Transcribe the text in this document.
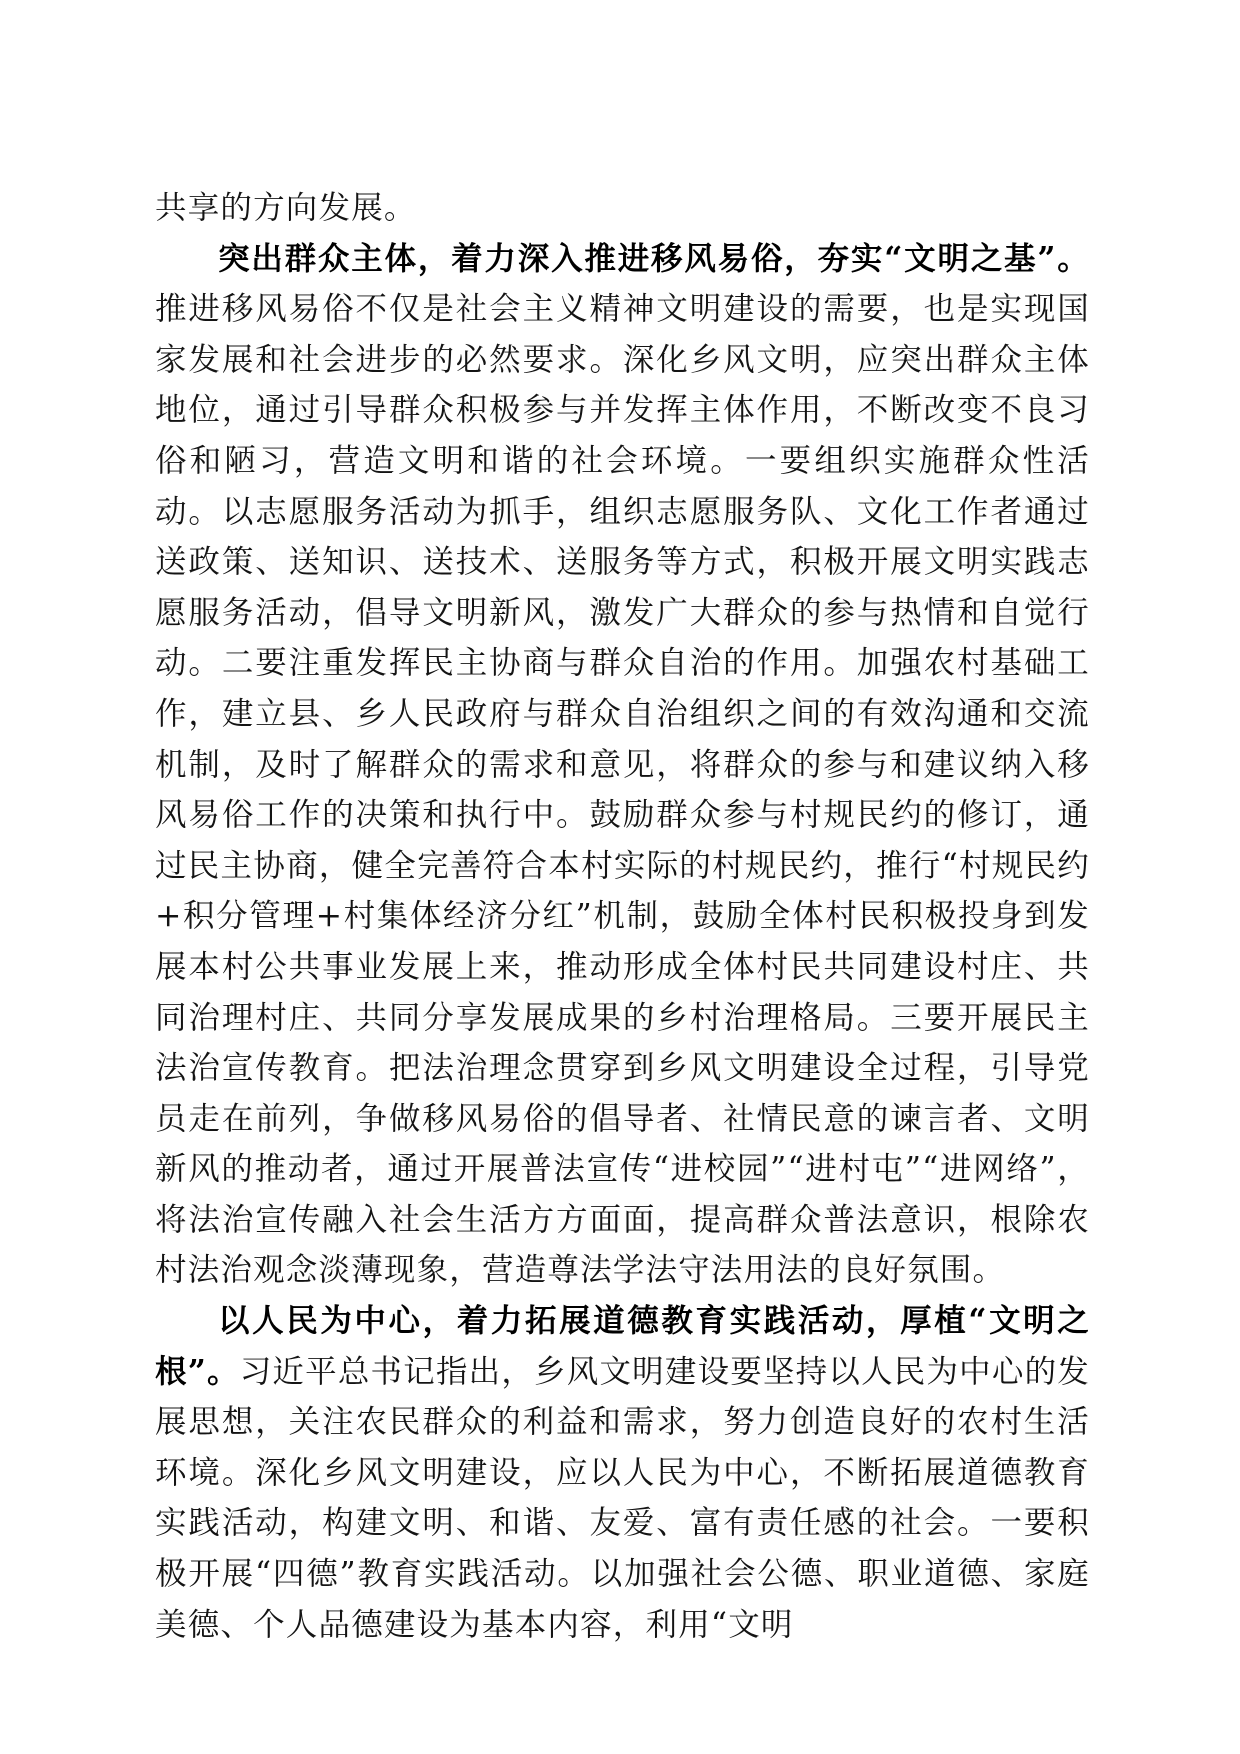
共享的方向发展。

突出群众主体，着力深入推进移风易俗，夯实“文明之基”。推进移风易俗不仅是社会主义精神文明建设的需要，也是实现国家发展和社会进步的必然要求。深化乡风文明，应突出群众主体地位，通过引导群众积极参与并发挥主体作用，不断改变不良习俗和陋习，营造文明和谐的社会环境。一要组织实施群众性活动。以志愿服务活动为抓手，组织志愿服务队、文化工作者通过送政策、送知识、送技术、送服务等方式，积极开展文明实践志愿服务活动，倡导文明新风，激发广大群众的参与热情和自觉行动。二要注重发挥民主协商与群众自治的作用。加强农村基础工作，建立县、乡人民政府与群众自治组织之间的有效沟通和交流机制，及时了解群众的需求和意见，将群众的参与和建议纳入移风易俗工作的决策和执行中。鼓励群众参与村规民约的修订，通过民主协商，健全完善符合本村实际的村规民约，推行“村规民约+积分管理+村集体经济分红”机制，鼓励全体村民积极投身到发展本村公共事业发展上来，推动形成全体村民共同建设村庄、共同治理村庄、共同分享发展成果的乡村治理格局。三要开展民主法治宣传教育。把法治理念贯穿到乡风文明建设全过程，引导党员走在前列，争做移风易俗的倡导者、社情民意的谏言者、文明新风的推动者，通过开展普法宣传“进校园”“进村屯”“进网络”，将法治宣传融入社会生活方方面面，提高群众普法意识，根除农村法治观念淡薄现象，营造尊法学法守法用法的良好氛围。

以人民为中心，着力拓展道德教育实践活动，厚植“文明之根”。习近平总书记指出，乡风文明建设要坚持以人民为中心的发展思想，关注农民群众的利益和需求，努力创造良好的农村生活环境。深化乡风文明建设，应以人民为中心，不断拓展道德教育实践活动，构建文明、和谐、友爱、富有责任感的社会。一要积极开展“四德”教育实践活动。以加强社会公德、职业道德、家庭美德、个人品德建设为基本内容，利用“文明
